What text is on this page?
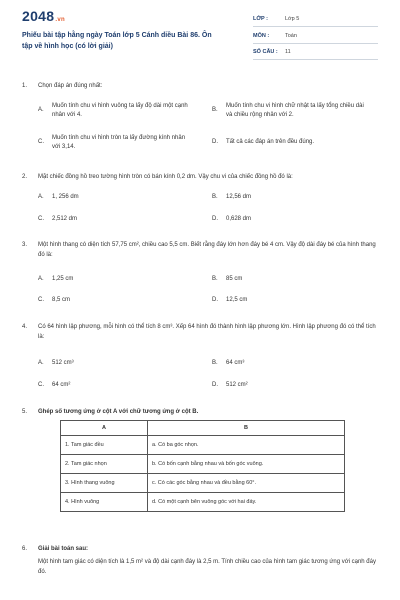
2048.vn
Phiếu bài tập hằng ngày Toán lớp 5 Cánh diều Bài 86. Ôn tập về hình học (có lời giải)
LỚP :	Lớp 5
MÔN :	Toán
SỐ CÂU : 11
1. Chọn đáp án đúng nhất:
A.
Muốn tính chu vi hình vuông ta lấy độ dài một cạnh nhân với 4.
B.
Muốn tính chu vi hình chữ nhật ta lấy tổng chiều dài và chiều rộng nhân với 2.
C.
Muốn tính chu vi hình tròn ta lấy đường kính nhân với 3,14.
D. Tất cả các đáp án trên đều đúng.
2. Mặt chiếc đồng hồ treo tường hình tròn có bán kính 0,2 dm. Vậy chu vi của chiếc đồng hồ đó là:
A. 1, 256 dm	B. 12,56 dm
C. 2,512 dm	D. 0,628 dm
3. Một hình thang có diện tích 57,75 cm², chiều cao 5,5 cm. Biết rằng đáy lớn hơn đáy bé 4 cm. Vậy độ dài đáy bé của hình thang đó là:
A. 1,25 cm	B. 85 cm
C. 8,5 cm	D. 12,5 cm
4. Có 64 hình lập phương, mỗi hình có thể tích 8 cm³. Xếp 64 hình đó thành hình lập phương lớn. Hình lập phương đó có thể tích là:
A. 512 cm³	B. 64 cm³
C. 64 cm²	D. 512 cm²
5. Ghép số tương ứng ở cột A với chữ tương ứng ở cột B.
A	B
1. Tam giác đều	a. Có ba góc nhọn.
2. Tam giác nhọn	b. Có bốn cạnh bằng nhau và bốn góc vuông.
3. Hình thang vuông	c. Có các góc bằng nhau và đều bằng 60°.
4. Hình vuông	d. Có một cạnh bên vuông góc với hai đáy.
6. Giải bài toán sau:
Một hình tam giác có diện tích là 1,5 m² và độ dài cạnh đáy là 2,5 m. Tính chiều cao của hình tam giác tương ứng với cạnh đáy đó.
